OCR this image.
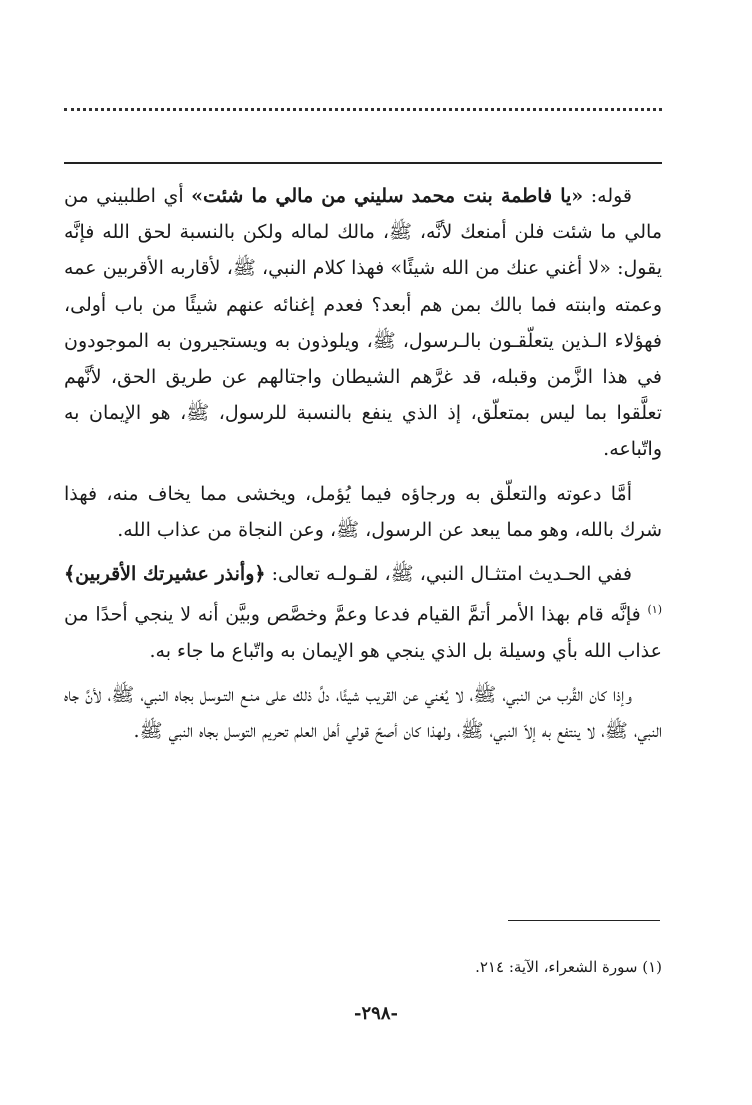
قوله: «يا فاطمة بنت محمد سليني من مالي ما شئت» أي اطلبيني من مالي ما شئت فلن أمنعك لأنَّه، ﷺ، مالك لماله ولكن بالنسبة لحق الله فإنَّه يقول: «لا أغني عنك من الله شيئًا» فهذا كلام النبي، ﷺ، لأقاربه الأقربين عمه وعمته وابنته فما بالك بمن هم أبعد؟ فعدم إغنائه عنهم شيئًا من باب أولى، فهؤلاء الـذين يتعلّقـون بالـرسول، ﷺ، ويلوذون به ويستجيرون به الموجودون في هذا الزَّمن وقبله، قد غرَّهم الشيطان واجتالهم عن طريق الحق، لأنَّهم تعلَّقوا بما ليس بمتعلّق، إذ الذي ينفع بالنسبة للرسول، ﷺ، هو الإيمان به واتّباعه.

أمَّا دعوته والتعلّق به ورجاؤه فيما يُؤمل، ويخشى مما يخاف منه، فهذا شرك بالله، وهو مما يبعد عن الرسول، ﷺ، وعن النجاة من عذاب الله.

ففي الحـديث امتثـال النبي، ﷺ، لقـولـه تعالى: ﴿وأنذر عشيرتك الأقربين﴾$^{(١)}$ فإنَّه قام بهذا الأمر أتمَّ القيام فدعا وعمَّ وخصَّص وبيَّن أنه لا ينجي أحدًا من عذاب الله بأي وسيلة بل الذي ينجي هو الإيمان به واتّباع ما جاء به.

وإذا كان القُرب من النبي، ﷺ، لا يُغني عن القريب شيئًا، دلَّ ذلك على منـع التـوسل بجاه النبي، ﷺ، لأنَّ جاه النبي، ﷺ، لا ينتفع به إلاّ النبي، ﷺ، ولهذا كان أصحّ قولي أهل العلم تحريم التوسل بجاه النبي ﷺ.

(١) سورة الشعراء، الآية: ٢١٤.
-٢٩٨-
